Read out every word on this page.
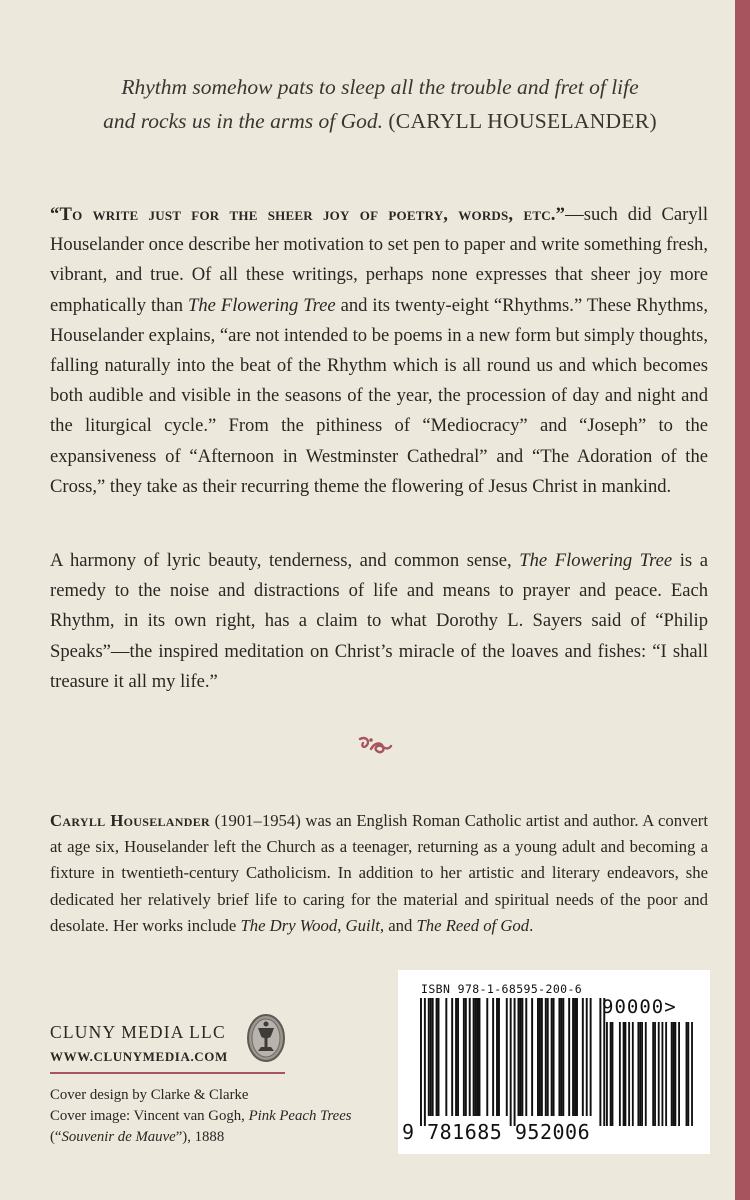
Rhythm somehow pats to sleep all the trouble and fret of life
and rocks us in the arms of God. (CARYLL HOUSELANDER)

“To write just for the sheer joy of poetry, words, etc.”—such did Caryll Houselander once describe her motivation to set pen to paper and write something fresh, vibrant, and true. Of all these writings, perhaps none expresses that sheer joy more emphatically than The Flowering Tree and its twenty-eight “Rhythms.” These Rhythms, Houselander explains, “are not intended to be poems in a new form but simply thoughts, falling naturally into the beat of the Rhythm which is all round us and which becomes both audible and visible in the seasons of the year, the procession of day and night and the liturgical cycle.” From the pithiness of “Mediocracy” and “Joseph” to the expansiveness of “Afternoon in Westminster Cathedral” and “The Adoration of the Cross,” they take as their recurring theme the flowering of Jesus Christ in mankind.

A harmony of lyric beauty, tenderness, and common sense, The Flowering Tree is a remedy to the noise and distractions of life and means to prayer and peace. Each Rhythm, in its own right, has a claim to what Dorothy L. Sayers said of “Philip Speaks”—the inspired meditation on Christ’s miracle of the loaves and fishes: “I shall treasure it all my life.”

Caryll Houselander (1901–1954) was an English Roman Catholic artist and author. A convert at age six, Houselander left the Church as a teenager, returning as a young adult and becoming a fixture in twentieth-century Catholicism. In addition to her artistic and literary endeavors, she dedicated her relatively brief life to caring for the material and spiritual needs of the poor and desolate. Her works include The Dry Wood, Guilt, and The Reed of God.

CLUNY MEDIA LLC
WWW.CLUNYMEDIA.COM
Cover design by Clarke & Clarke
Cover image: Vincent van Gogh, Pink Peach Trees
(“Souvenir de Mauve”), 1888
ISBN 978-1-68595-200-6
90000>
9 781685 952006
